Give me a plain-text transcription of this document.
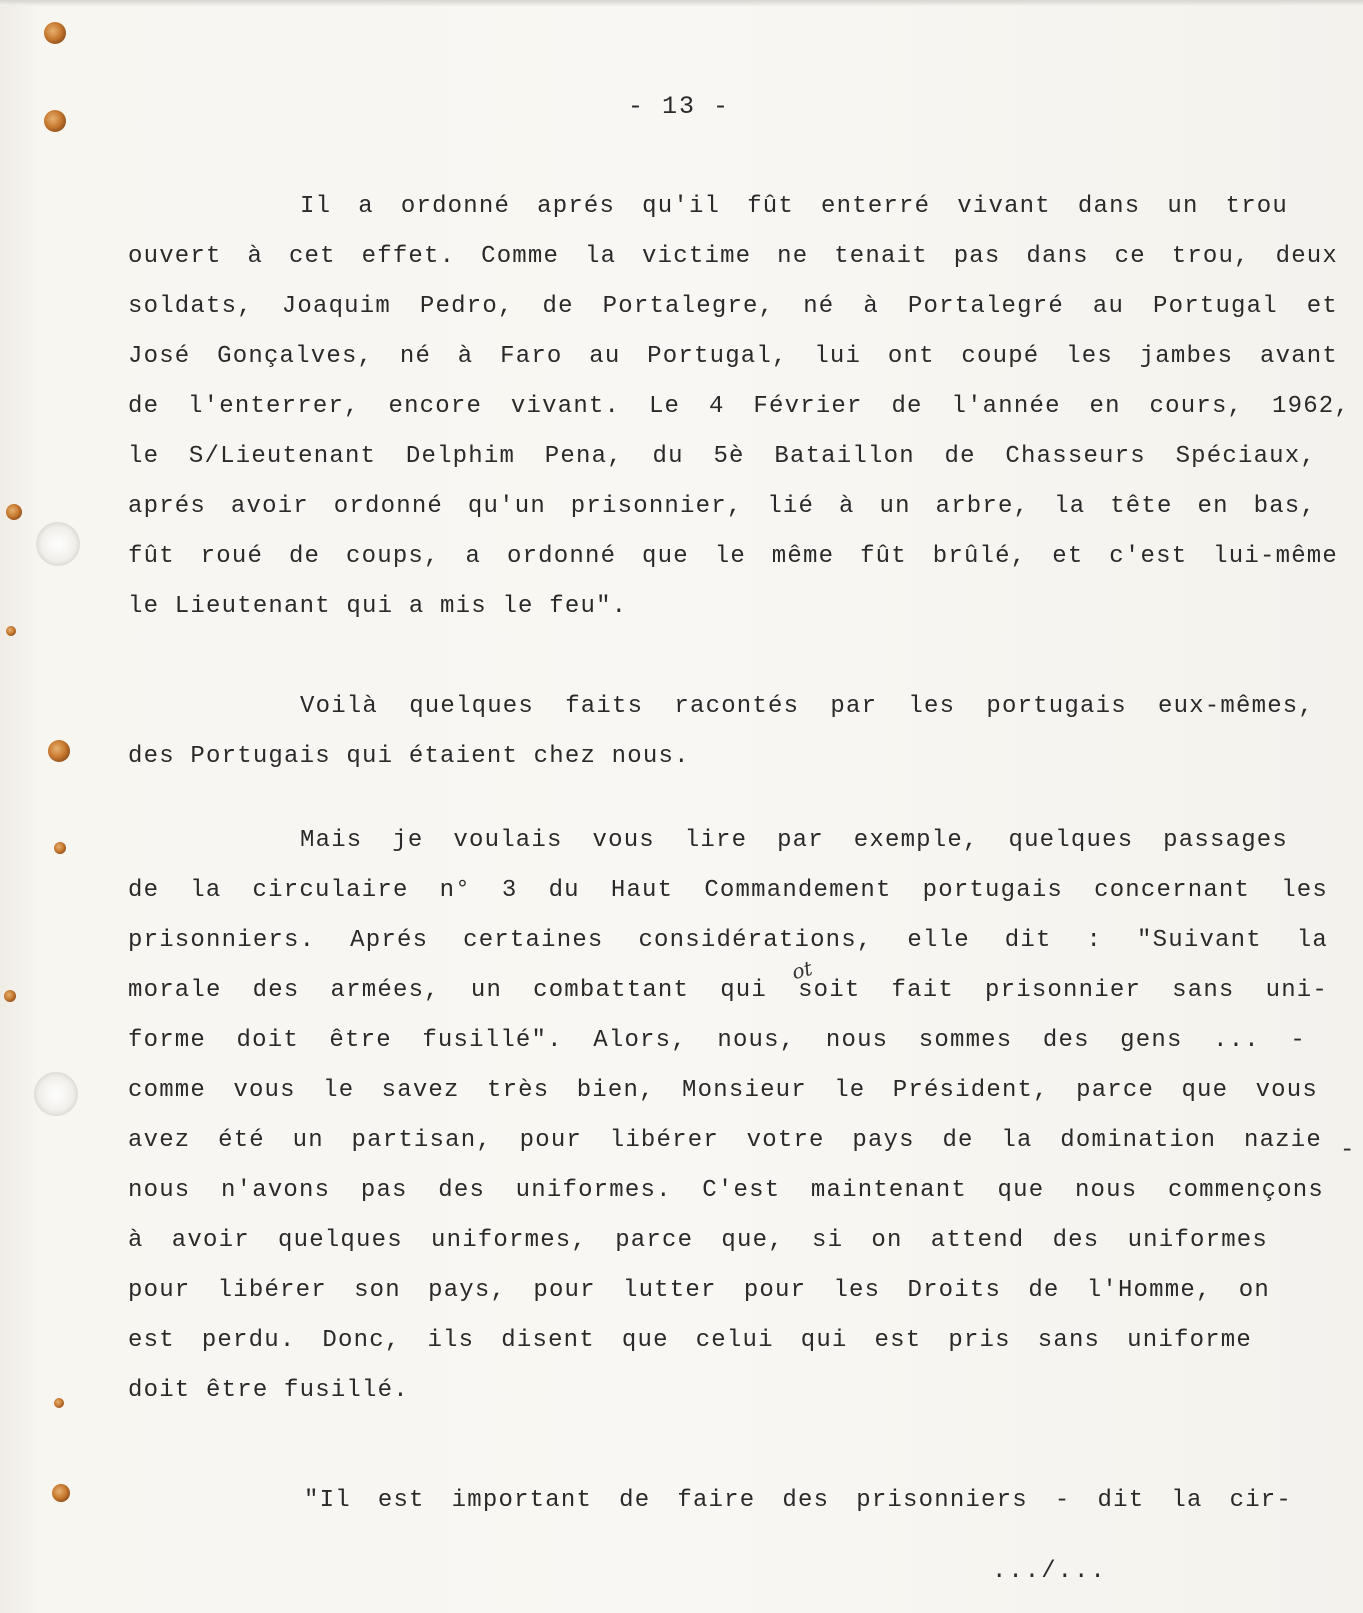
- 13 -
Il a ordonné aprés qu'il fût enterré vivant dans un trou
ouvert à cet effet. Comme la victime ne tenait pas dans ce trou, deux
soldats, Joaquim Pedro, de Portalegre, né à Portalegré au Portugal et
José Gonçalves, né à Faro au Portugal, lui ont coupé les jambes avant
de l'enterrer, encore vivant. Le 4 Février de l'année en cours, 1962,
le S/Lieutenant Delphim Pena, du 5è Bataillon de Chasseurs Spéciaux,
aprés avoir ordonné qu'un prisonnier, lié à un arbre, la tête en bas,
fût roué de coups, a ordonné que le même fût brûlé, et c'est lui-même
le Lieutenant qui a mis le feu".
Voilà quelques faits racontés par les portugais eux-mêmes,
des Portugais qui étaient chez nous.
Mais je voulais vous lire par exemple, quelques passages
de la circulaire n° 3 du Haut Commandement portugais concernant les
prisonniers. Aprés certaines considérations, elle dit : "Suivant la
morale des armées, un combattant qui soit fait prisonnier sans uni-
forme doit être fusillé". Alors, nous, nous sommes des gens ... -
comme vous le savez très bien, Monsieur le Président, parce que vous
avez été un partisan, pour libérer votre pays de la domination nazie
nous n'avons pas des uniformes. C'est maintenant que nous commençons
à avoir quelques uniformes, parce que, si on attend des uniformes
pour libérer son pays, pour lutter pour les Droits de l'Homme, on
est perdu. Donc, ils disent que celui qui est pris sans uniforme
doit être fusillé.
"Il est important de faire des prisonniers - dit la cir-
ot
-
.../...
